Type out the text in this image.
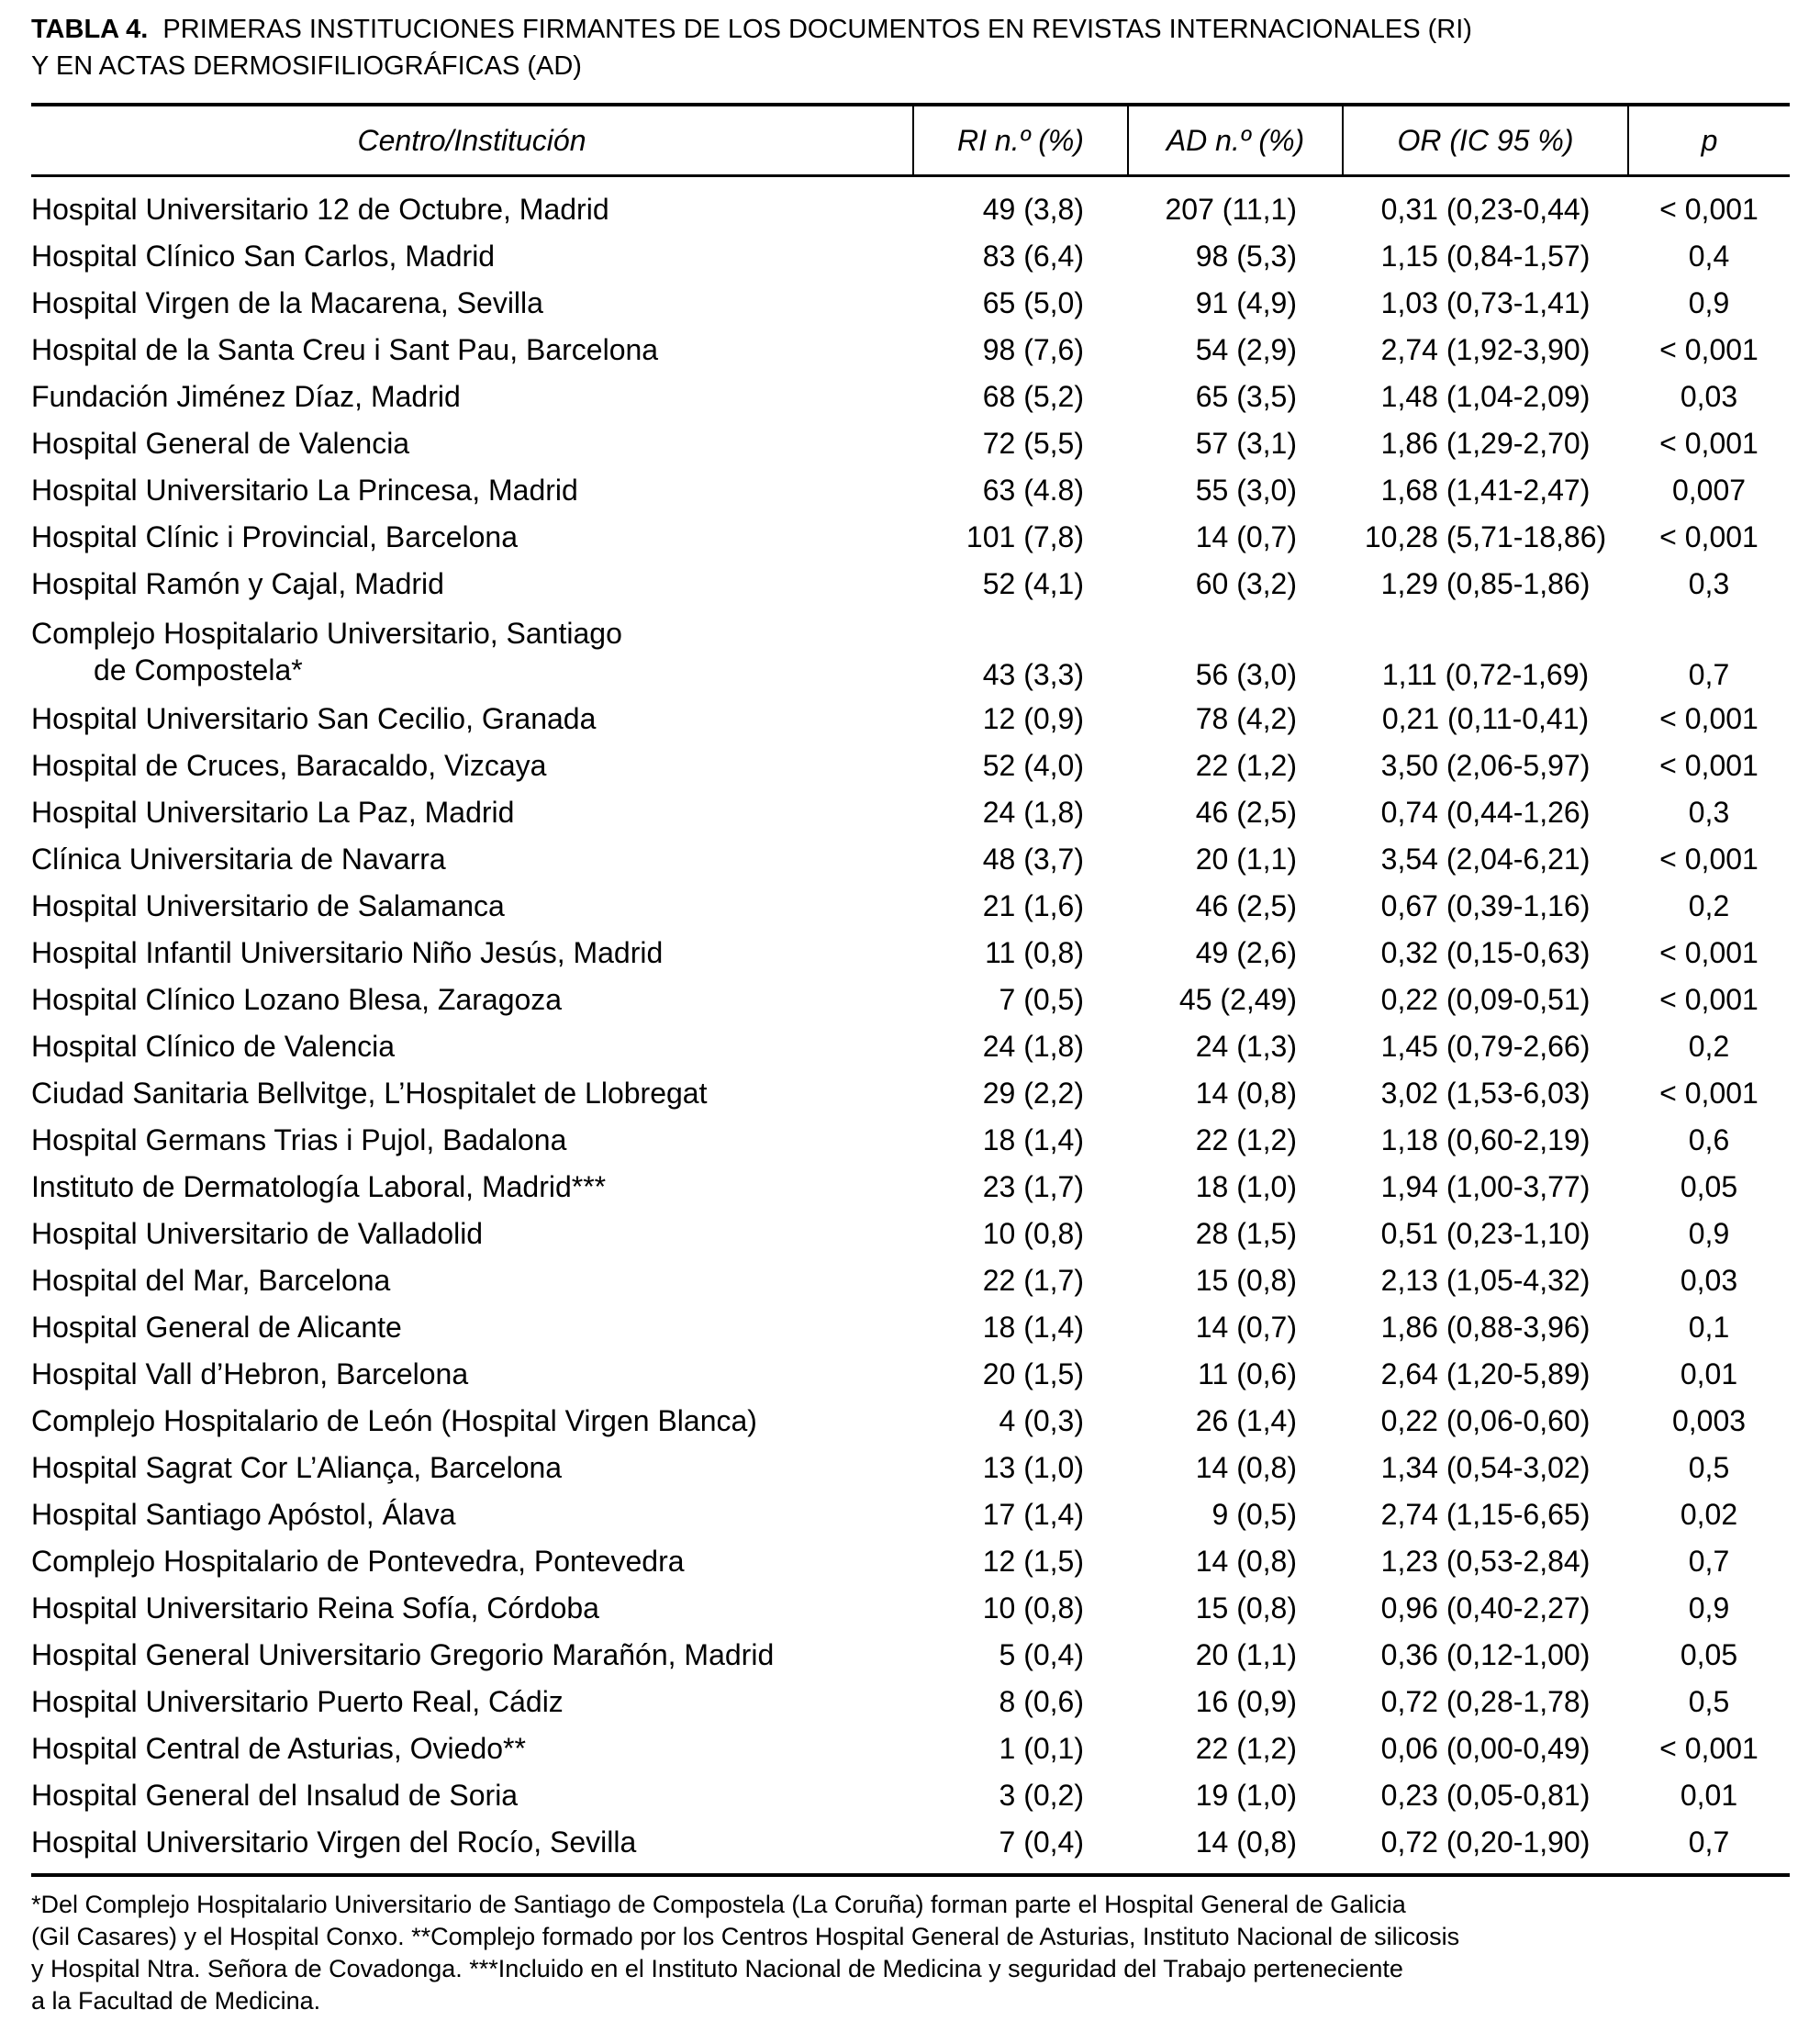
TABLA 4. PRIMERAS INSTITUCIONES FIRMANTES DE LOS DOCUMENTOS EN REVISTAS INTERNACIONALES (RI)
Y EN ACTAS DERMOSIFILIOGRÁFICAS (AD)
Centro/Institución	RI n.º (%)	AD n.º (%)	OR (IC 95 %)	p
Hospital Universitario 12 de Octubre, Madrid	49 (3,8)	207 (11,1)	0,31 (0,23-0,44)	< 0,001
Hospital Clínico San Carlos, Madrid	83 (6,4)	98 (5,3)	1,15 (0,84-1,57)	0,4
Hospital Virgen de la Macarena, Sevilla	65 (5,0)	91 (4,9)	1,03 (0,73-1,41)	0,9
Hospital de la Santa Creu i Sant Pau, Barcelona	98 (7,6)	54 (2,9)	2,74 (1,92-3,90)	< 0,001
Fundación Jiménez Díaz, Madrid	68 (5,2)	65 (3,5)	1,48 (1,04-2,09)	0,03
Hospital General de Valencia	72 (5,5)	57 (3,1)	1,86 (1,29-2,70)	< 0,001
Hospital Universitario La Princesa, Madrid	63 (4.8)	55 (3,0)	1,68 (1,41-2,47)	0,007
Hospital Clínic i Provincial, Barcelona	101 (7,8)	14 (0,7)	10,28 (5,71-18,86)	< 0,001
Hospital Ramón y Cajal, Madrid	52 (4,1)	60 (3,2)	1,29 (0,85-1,86)	0,3

Complejo Hospitalario Universitario, Santiago
de Compostela*	43 (3,3)	56 (3,0)	1,11 (0,72-1,69)	0,7
Hospital Universitario San Cecilio, Granada	12 (0,9)	78 (4,2)	0,21 (0,11-0,41)	< 0,001
Hospital de Cruces, Baracaldo, Vizcaya	52 (4,0)	22 (1,2)	3,50 (2,06-5,97)	< 0,001
Hospital Universitario La Paz, Madrid	24 (1,8)	46 (2,5)	0,74 (0,44-1,26)	0,3
Clínica Universitaria de Navarra	48 (3,7)	20 (1,1)	3,54 (2,04-6,21)	< 0,001
Hospital Universitario de Salamanca	21 (1,6)	46 (2,5)	0,67 (0,39-1,16)	0,2
Hospital Infantil Universitario Niño Jesús, Madrid	11 (0,8)	49 (2,6)	0,32 (0,15-0,63)	< 0,001
Hospital Clínico Lozano Blesa, Zaragoza	7 (0,5)	45 (2,49)	0,22 (0,09-0,51)	< 0,001
Hospital Clínico de Valencia	24 (1,8)	24 (1,3)	1,45 (0,79-2,66)	0,2
Ciudad Sanitaria Bellvitge, L’Hospitalet de Llobregat	29 (2,2)	14 (0,8)	3,02 (1,53-6,03)	< 0,001
Hospital Germans Trias i Pujol, Badalona	18 (1,4)	22 (1,2)	1,18 (0,60-2,19)	0,6
Instituto de Dermatología Laboral, Madrid***	23 (1,7)	18 (1,0)	1,94 (1,00-3,77)	0,05
Hospital Universitario de Valladolid	10 (0,8)	28 (1,5)	0,51 (0,23-1,10)	0,9
Hospital del Mar, Barcelona	22 (1,7)	15 (0,8)	2,13 (1,05-4,32)	0,03
Hospital General de Alicante	18 (1,4)	14 (0,7)	1,86 (0,88-3,96)	0,1
Hospital Vall d’Hebron, Barcelona	20 (1,5)	11 (0,6)	2,64 (1,20-5,89)	0,01
Complejo Hospitalario de León (Hospital Virgen Blanca)	4 (0,3)	26 (1,4)	0,22 (0,06-0,60)	0,003
Hospital Sagrat Cor L’Aliança, Barcelona	13 (1,0)	14 (0,8)	1,34 (0,54-3,02)	0,5
Hospital Santiago Apóstol, Álava	17 (1,4)	9 (0,5)	2,74 (1,15-6,65)	0,02
Complejo Hospitalario de Pontevedra, Pontevedra	12 (1,5)	14 (0,8)	1,23 (0,53-2,84)	0,7
Hospital Universitario Reina Sofía, Córdoba	10 (0,8)	15 (0,8)	0,96 (0,40-2,27)	0,9
Hospital General Universitario Gregorio Marañón, Madrid	5 (0,4)	20 (1,1)	0,36 (0,12-1,00)	0,05
Hospital Universitario Puerto Real, Cádiz	8 (0,6)	16 (0,9)	0,72 (0,28-1,78)	0,5
Hospital Central de Asturias, Oviedo**	1 (0,1)	22 (1,2)	0,06 (0,00-0,49)	< 0,001
Hospital General del Insalud de Soria	3 (0,2)	19 (1,0)	0,23 (0,05-0,81)	0,01
Hospital Universitario Virgen del Rocío, Sevilla	7 (0,4)	14 (0,8)	0,72 (0,20-1,90)	0,7
*Del Complejo Hospitalario Universitario de Santiago de Compostela (La Coruña) forman parte el Hospital General de Galicia
(Gil Casares) y el Hospital Conxo. **Complejo formado por los Centros Hospital General de Asturias, Instituto Nacional de silicosis
y Hospital Ntra. Señora de Covadonga. ***Incluido en el Instituto Nacional de Medicina y seguridad del Trabajo perteneciente
a la Facultad de Medicina.
